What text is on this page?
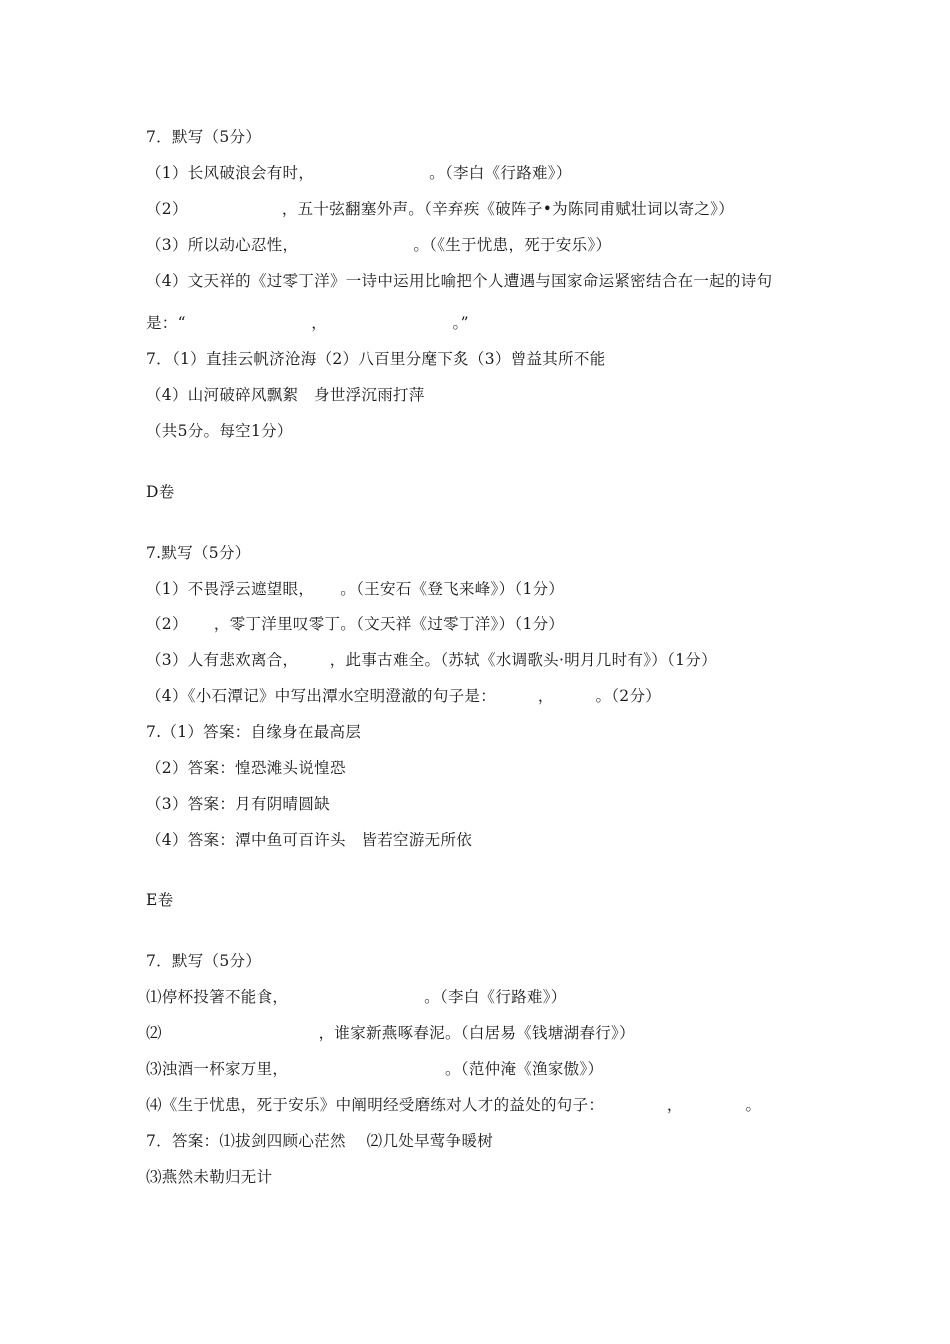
7．默写（5分）
（1）长风破浪会有时，                      。（李白《行路难》）
（2）                  ，五十弦翻塞外声。（辛弃疾《破阵子•为陈同甫赋壮词以寄之》）
（3）所以动心忍性，                      。（《生于忧患，死于安乐》）
（4）文天祥的《过零丁洋》一诗中运用比喻把个人遭遇与国家命运紧密结合在一起的诗句
是：“                        ，                        。”
7．（1）直挂云帆济沧海（2）八百里分麾下炙（3）曾益其所不能
（4）山河破碎风飘絮   身世浮沉雨打萍
（共5分。每空1分）
D卷
7.默写（5分）
（1）不畏浮云遮望眼，     。（王安石《登飞来峰》）（1分）
（2）     ，零丁洋里叹零丁。（文天祥《过零丁洋》）（1分）
（3）人有悲欢离合，      ，此事古难全。（苏轼《水调歌头·明月几时有》）（1分）
（4）《小石潭记》中写出潭水空明澄澈的句子是：        ，        。（2分）
7.（1）答案：自缘身在最高层
（2）答案：惶恐滩头说惶恐
（3）答案：月有阴晴圆缺
（4）答案：潭中鱼可百许头   皆若空游无所依
E卷
7．默写（5分）
⑴停杯投箸不能食，                          。（李白《行路难》）
⑵                              ，谁家新燕啄春泥。（白居易《钱塘湖春行》）
⑶浊酒一杯家万里，                              。（范仲淹《渔家傲》）
⑷《生于忧患，死于安乐》中阐明经受磨练对人才的益处的句子：            ，            。
7．答案：⑴拔剑四顾心茫然    ⑵几处早莺争暖树
⑶燕然未勒归无计
